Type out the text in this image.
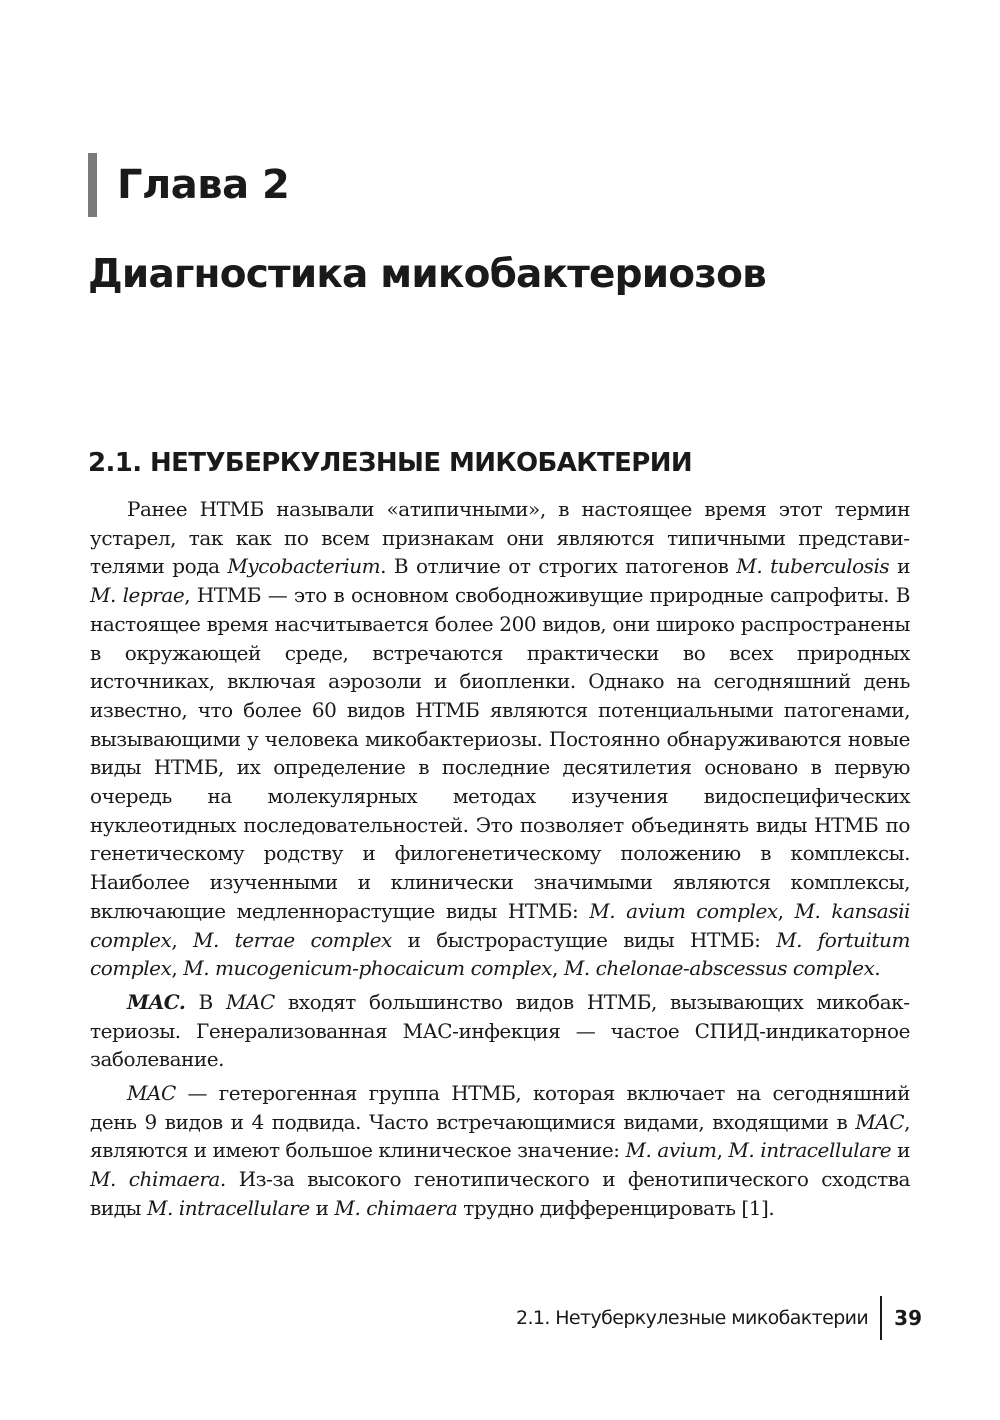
Глава 2
Диагностика микобактериозов
2.1. НЕТУБЕРКУЛЕЗНЫЕ МИКОБАКТЕРИИ

Ранее НТМБ называли «атипичными», в настоящее время этот термин устарел, так как по всем признакам они являются типичными представителями рода Mycobacterium. В отличие от строгих патогенов M. tuberculosis и M. leprae, НТМБ — это в основном свободноживущие природные сапрофиты. В настоящее время насчитывается более 200 видов, они широко распространены в окружающей среде, встречаются практически во всех природных источниках, включая аэрозоли и биопленки. Однако на сегодняшний день известно, что более 60 видов НТМБ являются потенциальными патогенами, вызывающими у человека микобактериозы. Постоянно обнаруживаются новые виды НТМБ, их определение в последние десятилетия основано в первую очередь на молекулярных методах изучения видоспецифических нуклеотидных последовательностей. Это позволяет объединять виды НТМБ по генетическому родству и филогенетическому положению в комплексы. Наиболее изученными и клинически значимыми являются комплексы, включающие медленнорастущие виды НТМБ: M. avium complex, M. kansasii complex, M. terrae complex и быстрорастущие виды НТМБ: M. fortuitum complex, M. mucogenicum-phocaicum complex, M. chelonae-abscessus complex.

MAC. В MAC входят большинство видов НТМБ, вызывающих микобактериозы. Генерализованная МАС-инфекция — частое СПИД-индикаторное заболевание.

MAC — гетерогенная группа НТМБ, которая включает на сегодняшний день 9 видов и 4 подвида. Часто встречающимися видами, входящими в MAC, являются и имеют большое клиническое значение: M. avium, M. intracellulare и M. chimaera. Из-за высокого генотипического и фенотипического сходства виды M. intracellulare и M. chimaera трудно дифференцировать [1].

2.1. Нетуберкулезные микобактерии 39
